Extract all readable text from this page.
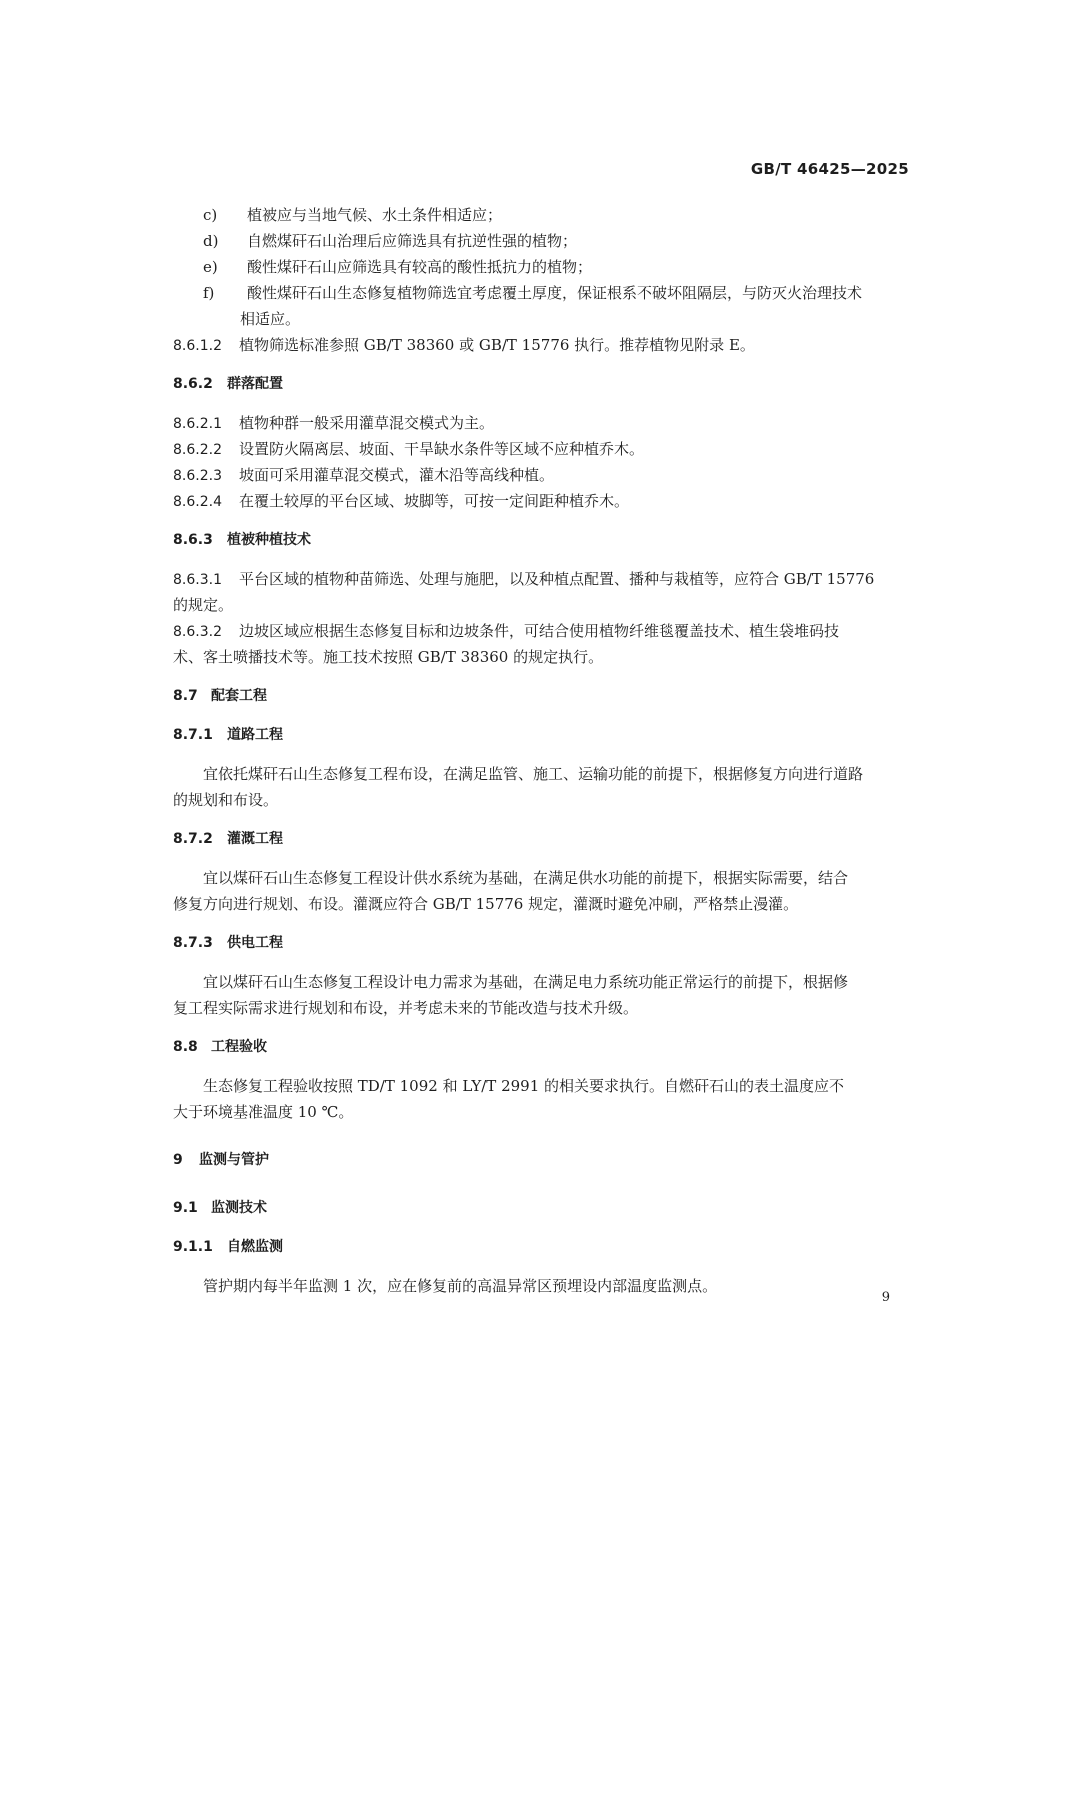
GB/T 46425—2025
c) 植被应与当地气候、水土条件相适应；
d) 自燃煤矸石山治理后应筛选具有抗逆性强的植物；
e) 酸性煤矸石山应筛选具有较高的酸性抵抗力的植物；
f) 酸性煤矸石山生态修复植物筛选宜考虑覆土厚度，保证根系不破坏阻隔层，与防灭火治理技术
相适应。
8.6.1.2 植物筛选标准参照 GB/T 38360 或 GB/T 15776 执行。推荐植物见附录 E。
8.6.2 群落配置
8.6.2.1 植物种群一般采用灌草混交模式为主。
8.6.2.2 设置防火隔离层、坡面、干旱缺水条件等区域不应种植乔木。
8.6.2.3 坡面可采用灌草混交模式，灌木沿等高线种植。
8.6.2.4 在覆土较厚的平台区域、坡脚等，可按一定间距种植乔木。
8.6.3 植被种植技术
8.6.3.1 平台区域的植物种苗筛选、处理与施肥，以及种植点配置、播种与栽植等，应符合 GB/T 15776
的规定。
8.6.3.2 边坡区域应根据生态修复目标和边坡条件，可结合使用植物纤维毯覆盖技术、植生袋堆码技
术、客土喷播技术等。施工技术按照 GB/T 38360 的规定执行。
8.7 配套工程
8.7.1 道路工程
宜依托煤矸石山生态修复工程布设，在满足监管、施工、运输功能的前提下，根据修复方向进行道路
的规划和布设。
8.7.2 灌溉工程
宜以煤矸石山生态修复工程设计供水系统为基础，在满足供水功能的前提下，根据实际需要，结合
修复方向进行规划、布设。灌溉应符合 GB/T 15776 规定，灌溉时避免冲刷，严格禁止漫灌。
8.7.3 供电工程
宜以煤矸石山生态修复工程设计电力需求为基础，在满足电力系统功能正常运行的前提下，根据修
复工程实际需求进行规划和布设，并考虑未来的节能改造与技术升级。
8.8 工程验收
生态修复工程验收按照 TD/T 1092 和 LY/T 2991 的相关要求执行。自燃矸石山的表土温度应不
大于环境基准温度 10 ℃。
9 监测与管护
9.1 监测技术
9.1.1 自燃监测
管护期内每半年监测 1 次，应在修复前的高温异常区预埋设内部温度监测点。
9
